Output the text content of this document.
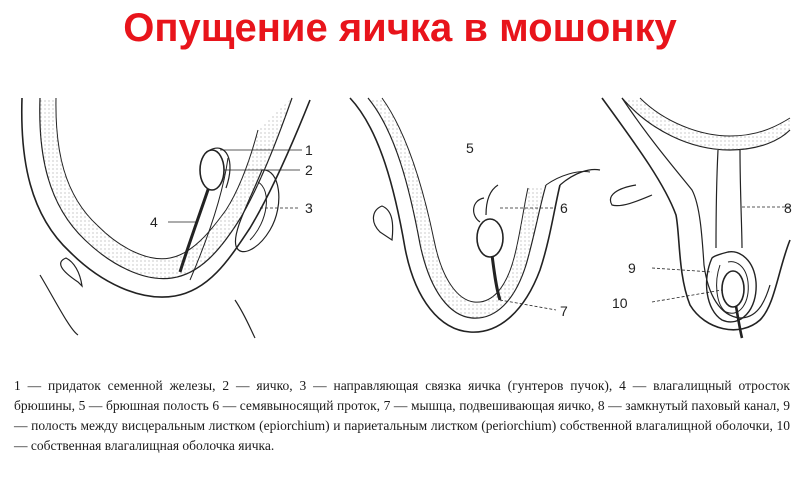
Опущение яичка в мошонку
1
2
3
4
5
6
7
8
9
10
1 — придаток семенной железы, 2 — яичко, 3 — направляющая связка яичка (гунтеров пучок), 4 — влагалищный отросток брюшины, 5 — брюшная полость 6 — семявыносящий проток, 7 — мышца, подвешивающая яичко, 8 — замкнутый паховый канал, 9 — полость между висцеральным листком (epiorchium) и париетальным листком (periorchium) собственной влагалищной оболочки, 10 — собственная влагалищная оболочка яичка.
